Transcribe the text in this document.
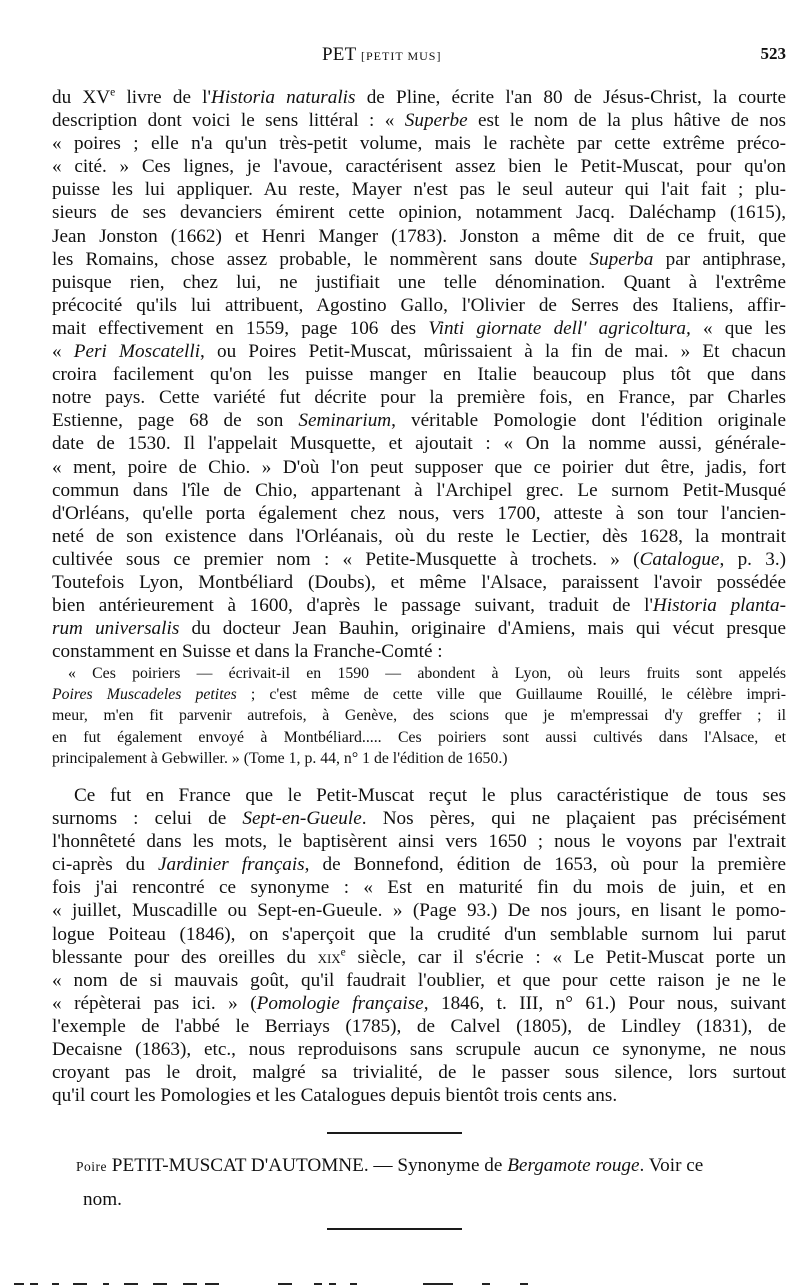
PET [PETIT MUS]	523
du XVe livre de l'Historia naturalis de Pline, écrite l'an 80 de Jésus-Christ, la courte
description dont voici le sens littéral : « Superbe est le nom de la plus hâtive de nos
« poires ; elle n'a qu'un très-petit volume, mais le rachète par cette extrême préco-
« cité. » Ces lignes, je l'avoue, caractérisent assez bien le Petit-Muscat, pour qu'on
puisse les lui appliquer. Au reste, Mayer n'est pas le seul auteur qui l'ait fait ; plu-
sieurs de ses devanciers émirent cette opinion, notamment Jacq. Daléchamp (1615),
Jean Jonston (1662) et Henri Manger (1783). Jonston a même dit de ce fruit, que
les Romains, chose assez probable, le nommèrent sans doute Superba par antiphrase,
puisque rien, chez lui, ne justifiait une telle dénomination. Quant à l'extrême
précocité qu'ils lui attribuent, Agostino Gallo, l'Olivier de Serres des Italiens, affir-
mait effectivement en 1559, page 106 des Vinti giornate dell' agricoltura, « que les
« Peri Moscatelli, ou Poires Petit-Muscat, mûrissaient à la fin de mai. » Et chacun
croira facilement qu'on les puisse manger en Italie beaucoup plus tôt que dans
notre pays. Cette variété fut décrite pour la première fois, en France, par Charles
Estienne, page 68 de son Seminarium, véritable Pomologie dont l'édition originale
date de 1530. Il l'appelait Musquette, et ajoutait : « On la nomme aussi, générale-
« ment, poire de Chio. » D'où l'on peut supposer que ce poirier dut être, jadis, fort
commun dans l'île de Chio, appartenant à l'Archipel grec. Le surnom Petit-Musqué
d'Orléans, qu'elle porta également chez nous, vers 1700, atteste à son tour l'ancien-
neté de son existence dans l'Orléanais, où du reste le Lectier, dès 1628, la montrait
cultivée sous ce premier nom : « Petite-Musquette à trochets. » (Catalogue, p. 3.)
Toutefois Lyon, Montbéliard (Doubs), et même l'Alsace, paraissent l'avoir possédée
bien antérieurement à 1600, d'après le passage suivant, traduit de l'Historia planta-
rum universalis du docteur Jean Bauhin, originaire d'Amiens, mais qui vécut presque
constamment en Suisse et dans la Franche-Comté :
« Ces poiriers — écrivait-il en 1590 — abondent à Lyon, où leurs fruits sont appelés
Poires Muscadeles petites ; c'est même de cette ville que Guillaume Rouillé, le célèbre impri-
meur, m'en fit parvenir autrefois, à Genève, des scions que je m'empressai d'y greffer ; il
en fut également envoyé à Montbéliard..... Ces poiriers sont aussi cultivés dans l'Alsace, et
principalement à Gebwiller. » (Tome 1, p. 44, n° 1 de l'édition de 1650.)
Ce fut en France que le Petit-Muscat reçut le plus caractéristique de tous ses
surnoms : celui de Sept-en-Gueule. Nos pères, qui ne plaçaient pas précisément
l'honnêteté dans les mots, le baptisèrent ainsi vers 1650 ; nous le voyons par l'extrait
ci-après du Jardinier français, de Bonnefond, édition de 1653, où pour la première
fois j'ai rencontré ce synonyme : « Est en maturité fin du mois de juin, et en
« juillet, Muscadille ou Sept-en-Gueule. » (Page 93.) De nos jours, en lisant le pomo-
logue Poiteau (1846), on s'aperçoit que la crudité d'un semblable surnom lui parut
blessante pour des oreilles du xix$^e$ siècle, car il s'écrie : « Le Petit-Muscat porte un
« nom de si mauvais goût, qu'il faudrait l'oublier, et que pour cette raison je ne le
« répèterai pas ici. » (Pomologie française, 1846, t. III, n° 61.) Pour nous, suivant
l'exemple de l'abbé le Berriays (1785), de Calvel (1805), de Lindley (1831), de
Decaisne (1863), etc., nous reproduisons sans scrupule aucun ce synonyme, ne nous
croyant pas le droit, malgré sa trivialité, de le passer sous silence, lors surtout
qu'il court les Pomologies et les Catalogues depuis bientôt trois cents ans.
Poire PETIT-MUSCAT D'AUTOMNE. — Synonyme de Bergamote rouge. Voir ce
nom.
